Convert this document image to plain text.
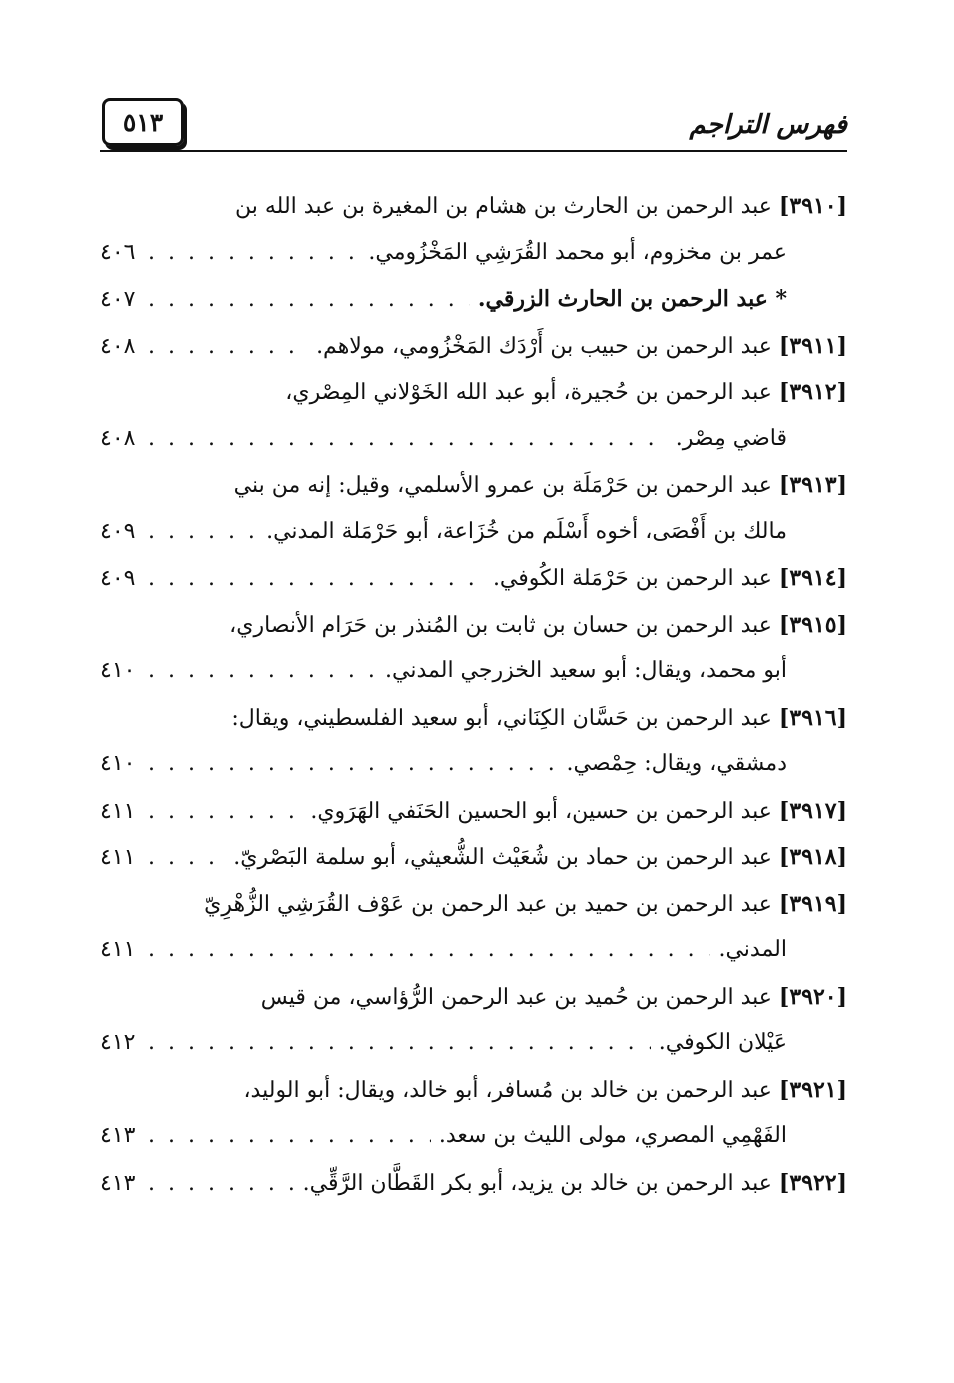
٥١٣	فهرس التراجم
[٣٩١٠] عبد الرحمن بن الحارث بن هشام بن المغيرة بن عبد الله بن
عمر بن مخزوم، أبو محمد القُرَشِي المَخْزُومي.
. . .
٤٠٦
* عبد الرحمن بن الحارث الزرقي.
. . .
٤٠٧
[٣٩١١] عبد الرحمن بن حبيب بن أَرْدَك المَخْزُومي، مولاهم.
. . .
٤٠٨
[٣٩١٢] عبد الرحمن بن حُجيرة، أبو عبد الله الخَوْلاني المِصْري،
قاضي مِصْر.
. . .
٤٠٨
[٣٩١٣] عبد الرحمن بن حَرْمَلَة بن عمرو الأسلمي، وقيل: إنه من بني
مالك بن أَفْصَى، أخوه أَسْلَم من خُزَاعة، أبو حَرْمَلة المدني.
. . .
٤٠٩
[٣٩١٤] عبد الرحمن بن حَرْمَلة الكُوفي.
. . .
٤٠٩
[٣٩١٥] عبد الرحمن بن حسان بن ثابت بن المُنذر بن حَرَام الأنصاري،
أبو محمد، ويقال: أبو سعيد الخزرجي المدني.
. . .
٤١٠
[٣٩١٦] عبد الرحمن بن حَسَّان الكِنَاني، أبو سعيد الفلسطيني، ويقال:
دمشقي، ويقال: حِمْصي.
. . .
٤١٠
[٣٩١٧] عبد الرحمن بن حسين، أبو الحسين الحَنَفي الهَرَوي.
. . .
٤١١
[٣٩١٨] عبد الرحمن بن حماد بن شُعَيْث الشُّعيثي، أبو سلمة البَصْريّ.
. . .
٤١١
[٣٩١٩] عبد الرحمن بن حميد بن عبد الرحمن بن عَوْف القُرَشِي الزُّهْرِيّ
المدني.
. . .
٤١١
[٣٩٢٠] عبد الرحمن بن حُميد بن عبد الرحمن الرُّؤاسي، من قيس
عَيْلان الكوفي.
. . .
٤١٢
[٣٩٢١] عبد الرحمن بن خالد بن مُسافر، أبو خالد، ويقال: أبو الوليد،
الفَهْمِي المصري، مولى الليث بن سعد.
. . .
٤١٣
[٣٩٢٢] عبد الرحمن بن خالد بن يزيد، أبو بكر القَطَّان الرَّقِّي.
. . .
٤١٣
